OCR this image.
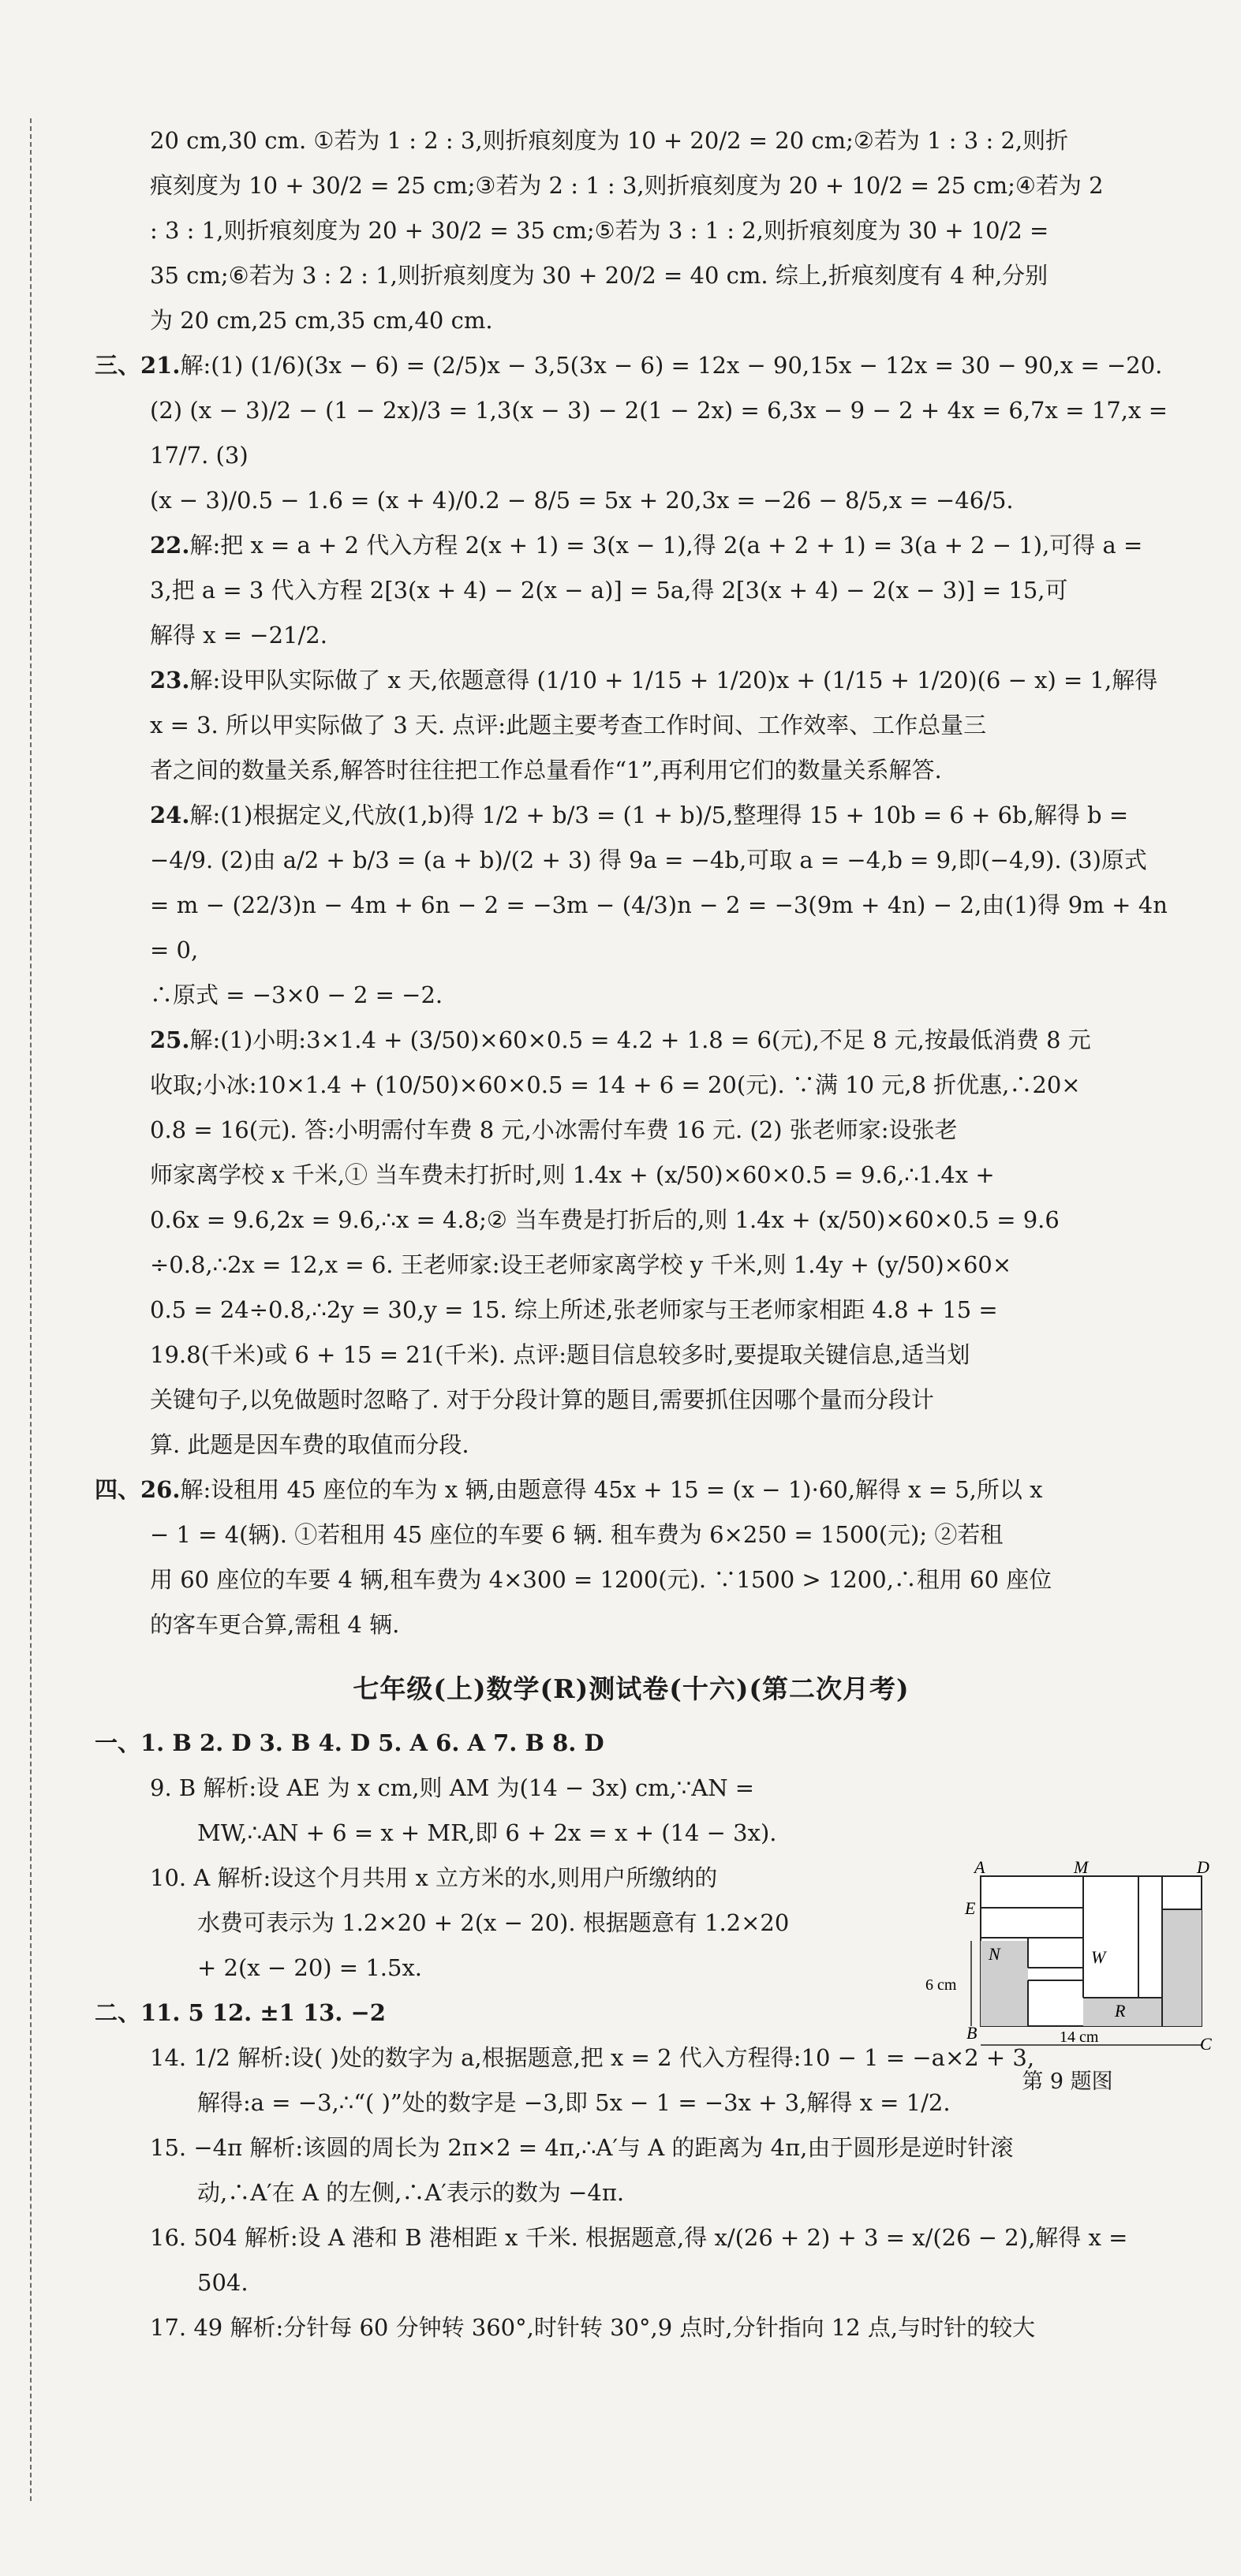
20 cm,30 cm. ①若为 1 : 2 : 3,则折痕刻度为 10 + 20/2 = 20 cm;②若为 1 : 3 : 2,则折

痕刻度为 10 + 30/2 = 25 cm;③若为 2 : 1 : 3,则折痕刻度为 20 + 10/2 = 25 cm;④若为 2

: 3 : 1,则折痕刻度为 20 + 30/2 = 35 cm;⑤若为 3 : 1 : 2,则折痕刻度为 30 + 10/2 =

35 cm;⑥若为 3 : 2 : 1,则折痕刻度为 30 + 20/2 = 40 cm. 综上,折痕刻度有 4 种,分别

为 20 cm,25 cm,35 cm,40 cm.

三、21.解:(1) (1/6)(3x − 6) = (2/5)x − 3,5(3x − 6) = 12x − 90,15x − 12x = 30 − 90,x = −20.

(2) (x − 3)/2 − (1 − 2x)/3 = 1,3(x − 3) − 2(1 − 2x) = 6,3x − 9 − 2 + 4x = 6,7x = 17,x = 17/7. (3)

(x − 3)/0.5 − 1.6 = (x + 4)/0.2 − 8/5 = 5x + 20,3x = −26 − 8/5,x = −46/5.

22.解:把 x = a + 2 代入方程 2(x + 1) = 3(x − 1),得 2(a + 2 + 1) = 3(a + 2 − 1),可得 a =

3,把 a = 3 代入方程 2[3(x + 4) − 2(x − a)] = 5a,得 2[3(x + 4) − 2(x − 3)] = 15,可

解得 x = −21/2.

23.解:设甲队实际做了 x 天,依题意得 (1/10 + 1/15 + 1/20)x + (1/15 + 1/20)(6 − x) = 1,解得

x = 3. 所以甲实际做了 3 天. 点评:此题主要考查工作时间、工作效率、工作总量三

者之间的数量关系,解答时往往把工作总量看作“1”,再利用它们的数量关系解答.

24.解:(1)根据定义,代放(1,b)得 1/2 + b/3 = (1 + b)/5,整理得 15 + 10b = 6 + 6b,解得 b =

−4/9. (2)由 a/2 + b/3 = (a + b)/(2 + 3) 得 9a = −4b,可取 a = −4,b = 9,即(−4,9). (3)原式

= m − (22/3)n − 4m + 6n − 2 = −3m − (4/3)n − 2 = −3(9m + 4n) − 2,由(1)得 9m + 4n = 0,

∴原式 = −3×0 − 2 = −2.

25.解:(1)小明:3×1.4 + (3/50)×60×0.5 = 4.2 + 1.8 = 6(元),不足 8 元,按最低消费 8 元

收取;小冰:10×1.4 + (10/50)×60×0.5 = 14 + 6 = 20(元). ∵满 10 元,8 折优惠,∴20×

0.8 = 16(元). 答:小明需付车费 8 元,小冰需付车费 16 元. (2) 张老师家:设张老

师家离学校 x 千米,① 当车费未打折时,则 1.4x + (x/50)×60×0.5 = 9.6,∴1.4x +

0.6x = 9.6,2x = 9.6,∴x = 4.8;② 当车费是打折后的,则 1.4x + (x/50)×60×0.5 = 9.6

÷0.8,∴2x = 12,x = 6. 王老师家:设王老师家离学校 y 千米,则 1.4y + (y/50)×60×

0.5 = 24÷0.8,∴2y = 30,y = 15. 综上所述,张老师家与王老师家相距 4.8 + 15 =

19.8(千米)或 6 + 15 = 21(千米). 点评:题目信息较多时,要提取关键信息,适当划

关键句子,以免做题时忽略了. 对于分段计算的题目,需要抓住因哪个量而分段计

算. 此题是因车费的取值而分段.

四、26.解:设租用 45 座位的车为 x 辆,由题意得 45x + 15 = (x − 1)·60,解得 x = 5,所以 x

− 1 = 4(辆). ①若租用 45 座位的车要 6 辆. 租车费为 6×250 = 1500(元); ②若租

用 60 座位的车要 4 辆,租车费为 4×300 = 1200(元). ∵1500 > 1200,∴租用 60 座位

的客车更合算,需租 4 辆.

七年级(上)数学(R)测试卷(十六)(第二次月考)

一、1. B 2. D 3. B 4. D 5. A 6. A 7. B 8. D

9. B 解析:设 AE 为 x cm,则 AM 为(14 − 3x) cm,∵AN =

MW,∴AN + 6 = x + MR,即 6 + 2x = x + (14 − 3x).

10. A 解析:设这个月共用 x 立方米的水,则用户所缴纳的

水费可表示为 1.2×20 + 2(x − 20). 根据题意有 1.2×20

+ 2(x − 20) = 1.5x.

二、11. 5 12. ±1 13. −2

14. 1/2 解析:设( )处的数字为 a,根据题意,把 x = 2 代入方程得:10 − 1 = −a×2 + 3,

解得:a = −3,∴“( )”处的数字是 −3,即 5x − 1 = −3x + 3,解得 x = 1/2.

15. −4π 解析:该圆的周长为 2π×2 = 4π,∴A′与 A 的距离为 4π,由于圆形是逆时针滚

动,∴A′在 A 的左侧,∴A′表示的数为 −4π.

16. 504 解析:设 A 港和 B 港相距 x 千米. 根据题意,得 x/(26 + 2) + 3 = x/(26 − 2),解得 x =

504.

17. 49 解析:分针每 60 分钟转 360°,时针转 30°,9 点时,分针指向 12 点,与时针的较大

A	M	D
E
N	W
R
B
C
6 cm
14 cm
第 9 题图
